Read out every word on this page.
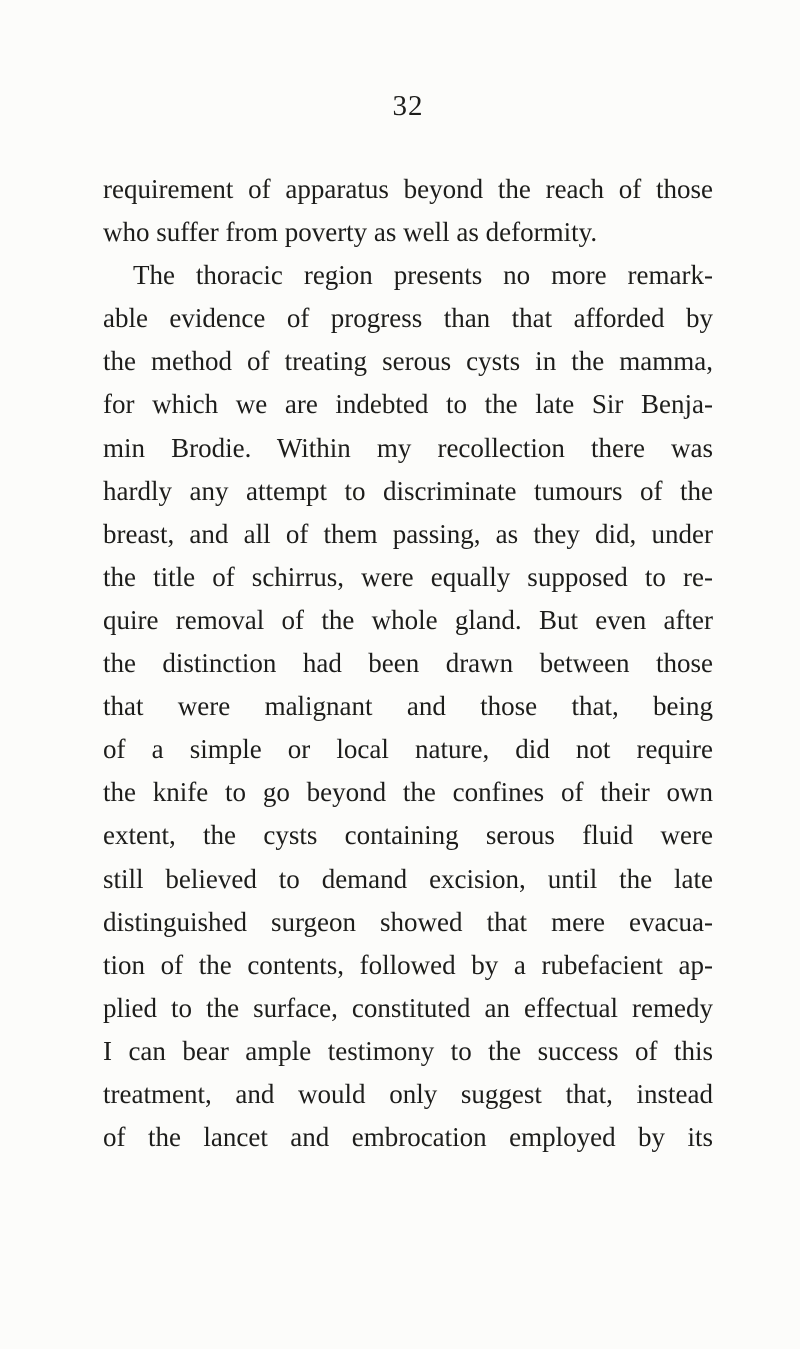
32
requirement of apparatus beyond the reach of those
who suffer from poverty as well as deformity.
The thoracic region presents no more remark-
able evidence of progress than that afforded by
the method of treating serous cysts in the mamma,
for which we are indebted to the late Sir Benja-
min Brodie. Within my recollection there was
hardly any attempt to discriminate tumours of the
breast, and all of them passing, as they did, under
the title of schirrus, were equally supposed to re-
quire removal of the whole gland. But even after
the distinction had been drawn between those
that were malignant and those that, being
of a simple or local nature, did not require
the knife to go beyond the confines of their own
extent, the cysts containing serous fluid were
still believed to demand excision, until the late
distinguished surgeon showed that mere evacua-
tion of the contents, followed by a rubefacient ap-
plied to the surface, constituted an effectual remedy
I can bear ample testimony to the success of this
treatment, and would only suggest that, instead
of the lancet and embrocation employed by its
